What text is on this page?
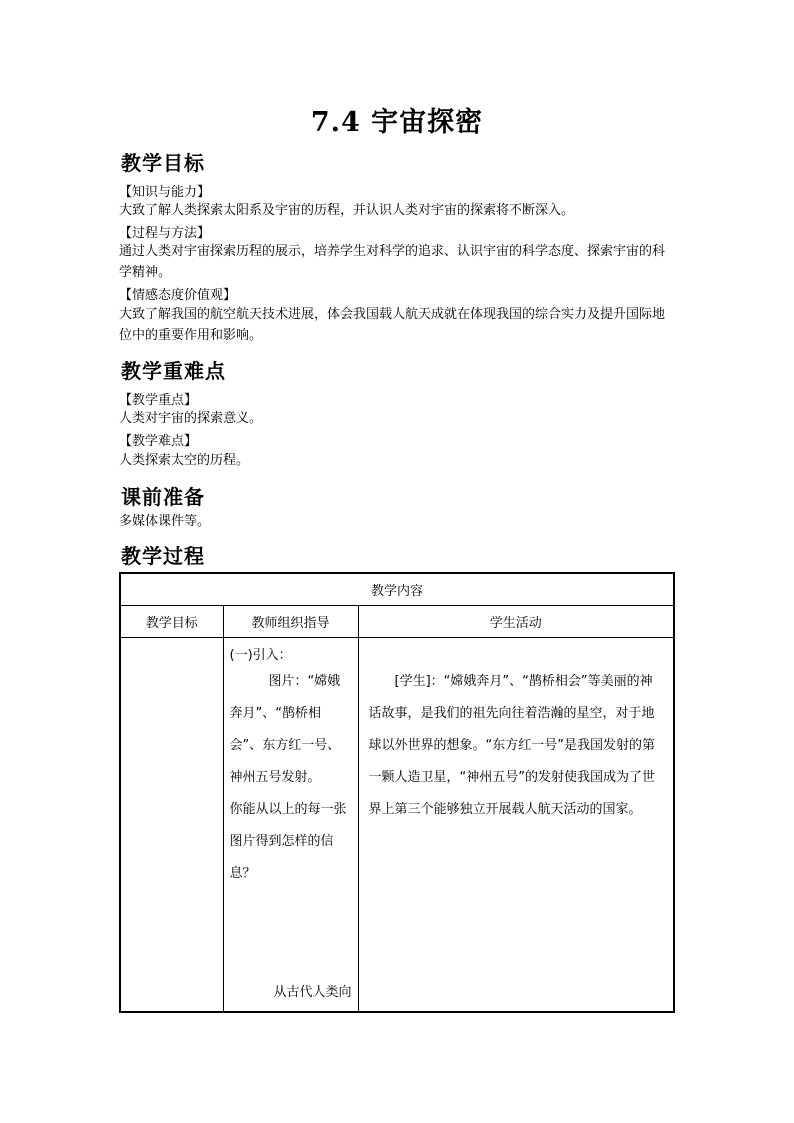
7.4 宇宙探密
教学目标
【知识与能力】
大致了解人类探索太阳系及宇宙的历程，并认识人类对宇宙的探索将不断深入。
【过程与方法】
通过人类对宇宙探索历程的展示，培养学生对科学的追求、认识宇宙的科学态度、探索宇宙的科学精神。
【情感态度价值观】
大致了解我国的航空航天技术进展，体会我国载人航天成就在体现我国的综合实力及提升国际地位中的重要作用和影响。
教学重难点
【教学重点】
人类对宇宙的探索意义。
【教学难点】
人类探索太空的历程。
课前准备
多媒体课件等。
教学过程
教学内容		
教学目标	教师组织指导	学生活动

	(一)引入：
图片：“嫦娥奔月”、“鹊桥相会”、东方红一号、神州五号发射。
你能从以上的每一张图片得到怎样的信息？
从古代人类向	[学生]：“嫦娥奔月”、“鹊桥相会”等美丽的神话故事，是我们的祖先向往着浩瀚的星空，对于地球以外世界的想象。“东方红一号”是我国发射的第一颗人造卫星，“神州五号”的发射使我国成为了世界上第三个能够独立开展载人航天活动的国家。
